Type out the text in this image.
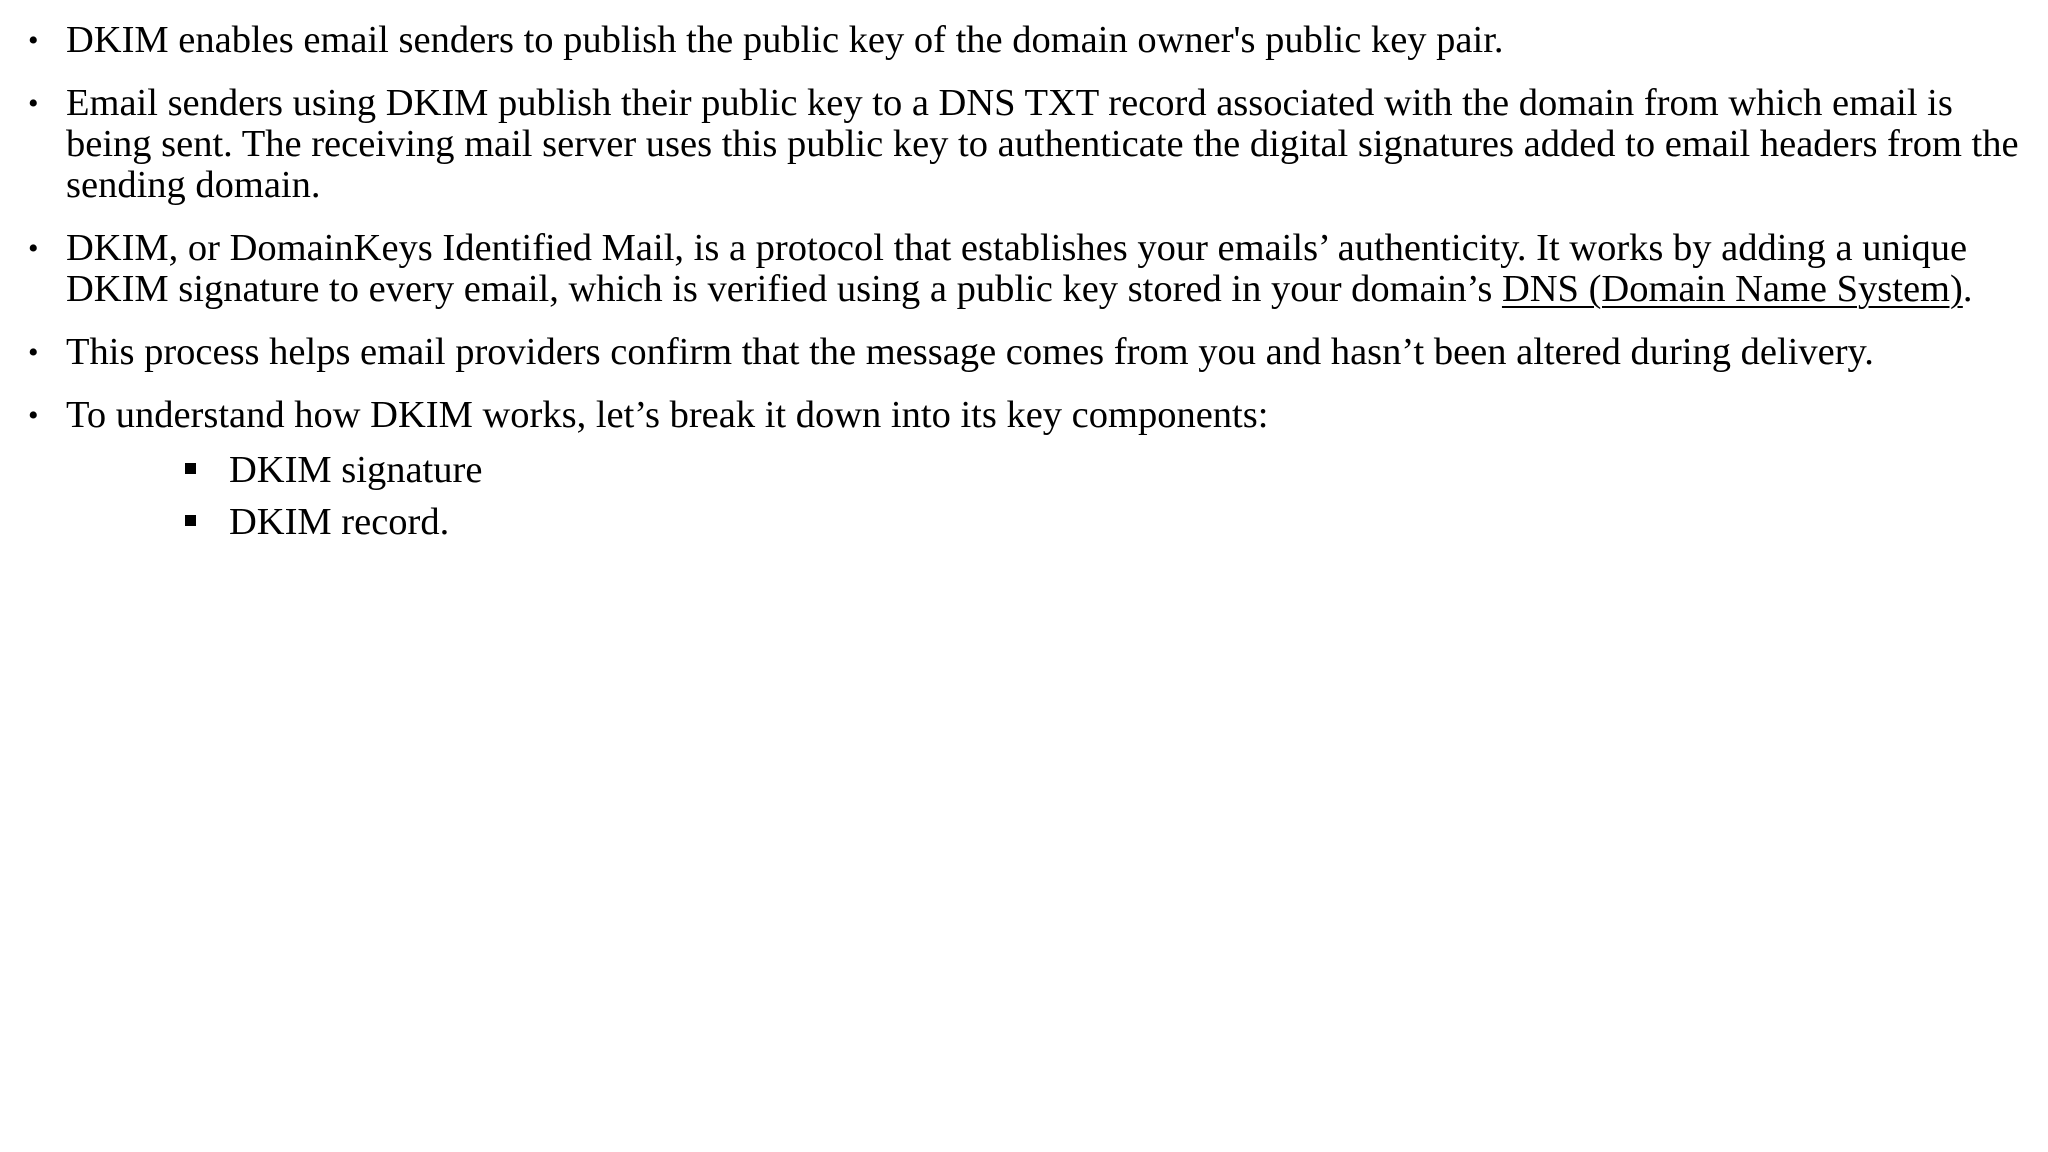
• DKIM enables email senders to publish the public key of the domain owner's public key pair.
• Email senders using DKIM publish their public key to a DNS TXT record associated with the domain from which email is being sent. The receiving mail server uses this public key to authenticate the digital signatures added to email headers from the sending domain.
• DKIM, or DomainKeys Identified Mail, is a protocol that establishes your emails’ authenticity. It works by adding a unique DKIM signature to every email, which is verified using a public key stored in your domain’s DNS (Domain Name System).
• This process helps email providers confirm that the message comes from you and hasn’t been altered during delivery.
• To understand how DKIM works, let’s break it down into its key components:
DKIM signature
DKIM record.
